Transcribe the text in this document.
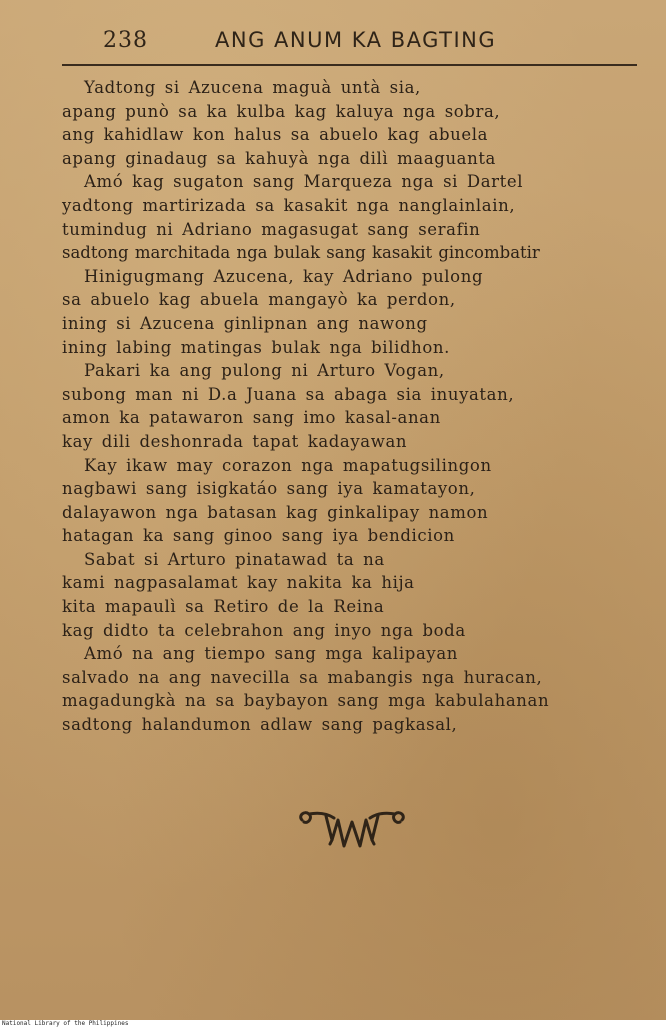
238	ANG ANUM KA BAGTING
Yadtong si Azucena maguà untà sia,
apang punò sa ka kulba kag kaluya nga sobra,
ang kahidlaw kon halus sa abuelo kag abuela
apang ginadaug sa kahuyà nga dilì maaguanta
Amó kag sugaton sang Marqueza nga si Dartel
yadtong martirizada sa kasakit nga nanglainlain,
tumindug ni Adriano magasugat sang serafin
sadtong marchitada nga bulak sang kasakit gincombatir
Hinigugmang Azucena, kay Adriano pulong
sa abuelo kag abuela mangayò ka perdon,
ining si Azucena ginlipnan ang nawong
ining labing matingas bulak nga bilidhon.
Pakari ka ang pulong ni Arturo Vogan,
subong man ni D.a Juana sa abaga sia inuyatan,
amon ka patawaron sang imo kasal-anan
kay dili deshonrada tapat kadayawan
Kay ikaw may corazon nga mapatugsilingon
nagbawi sang isigkatáo sang iya kamatayon,
dalayawon nga batasan kag ginkalipay namon
hatagan ka sang ginoo sang iya bendicion
Sabat si Arturo pinatawad ta na
kami nagpasalamat kay nakita ka hija
kita mapaulì sa Retiro de la Reina
kag didto ta celebrahon ang inyo nga boda
Amó na ang tiempo sang mga kalipayan
salvado na ang navecilla sa mabangis nga huracan,
magadungkà na sa baybayon sang mga kabulahanan
sadtong halandumon adlaw sang pagkasal,
National Library of the Philippines
